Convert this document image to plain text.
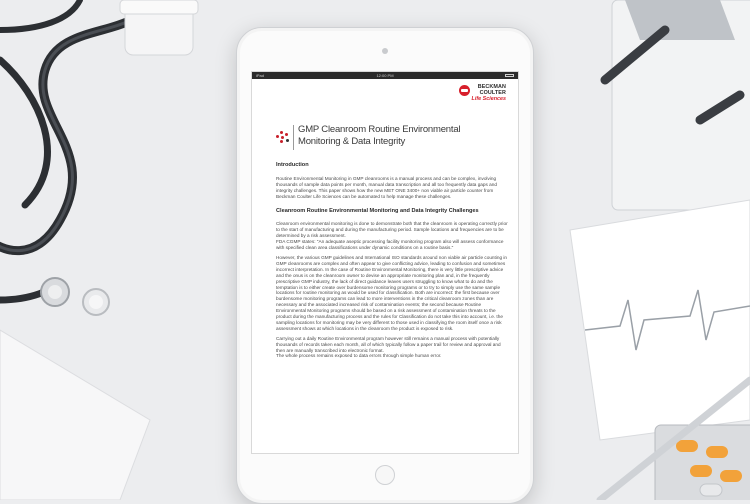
iPad	12:00 PM
BECKMAN
COULTER
Life Sciences
GMP Cleanroom Routine Environmental
Monitoring & Data Integrity
Introduction

Routine Environmental Monitoring in GMP cleanrooms is a manual process and can be complex, involving thousands of sample data points per month, manual data transcription and all too frequently data gaps and integrity challenges. This paper shows how the new MET ONE 3400+ non viable air particle counter from Beckman Coulter Life Sciences can be automated to help manage these challenges.

Cleanroom Routine Environmental Monitoring and Data Integrity Challenges

Cleanroom environmental monitoring is done to demonstrate both that the cleanroom is operating correctly prior to the start of manufacturing and during the manufacturing period. Sample locations and frequencies are to be determined by a risk assessment.
FDA CGMP states: "An adequate aseptic processing facility monitoring program also will assess conformance with specified clean area classifications under dynamic conditions on a routine basis."

However, the various GMP guidelines and International ISO standards around non viable air particle counting in GMP cleanrooms are complex and often appear to give conflicting advice, leading to confusion and sometimes incorrect interpretation. In the case of Routine Environmental Monitoring, there is very little prescriptive advice and the onus is on the cleanroom owner to devise an appropriate monitoring plan and, in the frequently prescriptive GMP industry, the lack of direct guidance leaves users struggling to know what to do and the temptation is to either create over burdensome monitoring programs or to try to simply use the same sample locations for routine monitoring as would be used for classification. Both are incorrect: the first because over burdensome monitoring programs can lead to more interventions in the critical cleanroom zones than are necessary and the associated increased risk of contamination events; the second because Routine Environmental Monitoring programs should be based on a risk assessment of contamination threats to the product during the manufacturing process and the rules for Classification do not take this into account, i.e. the sampling locations for monitoring may be very different to those used in classifying the room itself once a risk assessment shows at which locations in the cleanroom the product is exposed to risk.

Carrying out a daily Routine Environmental program however still remains a manual process with potentially thousands of records taken each month, all of which typically follow a paper trail for review and approval and then are manually transcribed into electronic format.
The whole process remains exposed to data errors through simple human error.
